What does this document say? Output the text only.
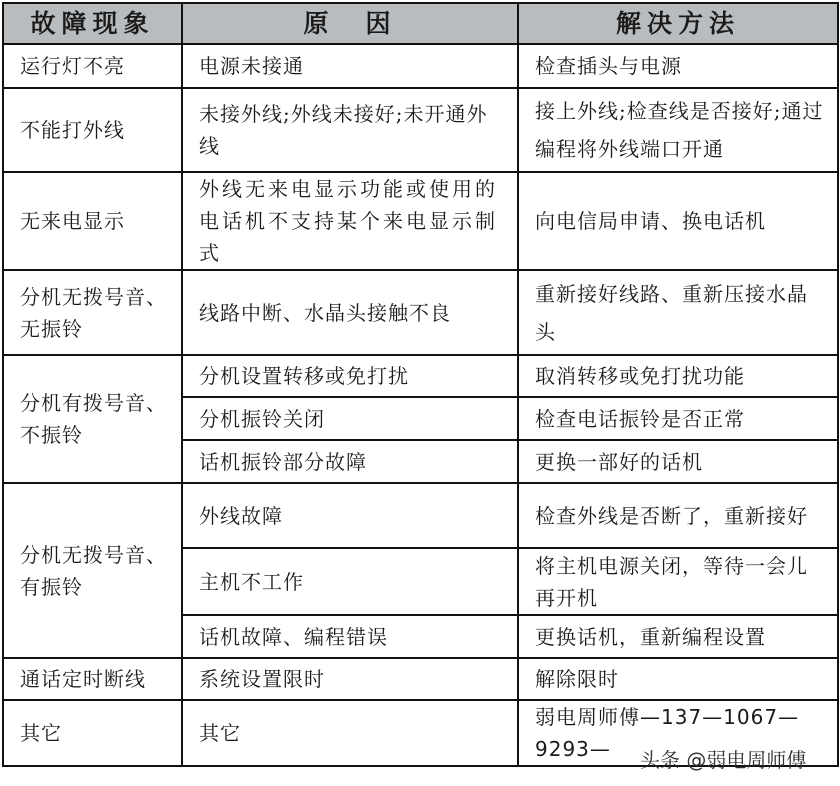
故障现象	原　因	解决方法
运行灯不亮	电源未接通	检查插头与电源
不能打外线	未接外线;外线未接好;未开通外线	接上外线;检查线是否接好;通过编程将外线端口开通
无来电显示	外线无来电显示功能或使用的电话机不支持某个来电显示制式	向电信局申请、换电话机
分机无拨号音、无振铃	线路中断、水晶头接触不良	重新接好线路、重新压接水晶头
分机有拨号音、不振铃	分机设置转移或免打扰	取消转移或免打扰功能
	分机振铃关闭	检查电话振铃是否正常
	话机振铃部分故障	更换一部好的话机
分机无拨号音、有振铃	外线故障	检查外线是否断了，重新接好
	主机不工作	将主机电源关闭，等待一会儿再开机
	话机故障、编程错误	更换话机，重新编程设置
通话定时断线	系统设置限时	解除限时
其它	其它	弱电周师傅—137—1067—9293— 头条 @弱电周师傅
